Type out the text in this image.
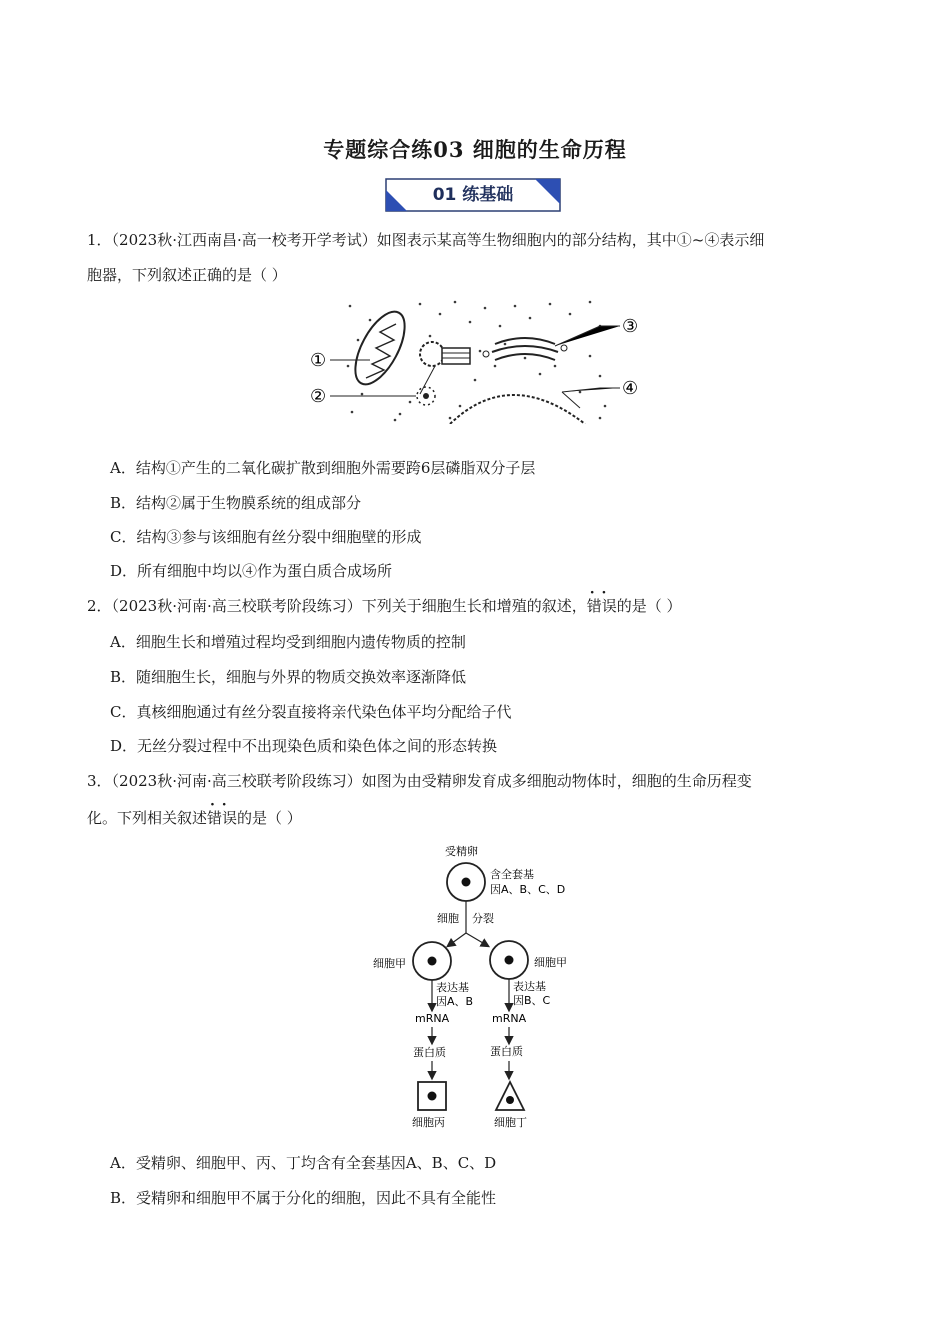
专题综合练03 细胞的生命历程
01 练基础
1．（2023秋·江西南昌·高一校考开学考试）如图表示某高等生物细胞内的部分结构，其中①~④表示细
胞器，下列叙述正确的是（ ）
①
②
③
④
A．结构①产生的二氧化碳扩散到细胞外需要跨6层磷脂双分子层
B．结构②属于生物膜系统的组成部分
C．结构③参与该细胞有丝分裂中细胞壁的形成
D．所有细胞中均以④作为蛋白质合成场所
2．（2023秋·河南·高三校联考阶段练习）下列关于细胞生长和增殖的叙述，· · 错误的是（ ）
A．细胞生长和增殖过程均受到细胞内遗传物质的控制
B．随细胞生长，细胞与外界的物质交换效率逐渐降低
C．真核细胞通过有丝分裂直接将亲代染色体平均分配给子代
D．无丝分裂过程中不出现染色质和染色体之间的形态转换
3．（2023秋·河南·高三校联考阶段练习）如图为由受精卵发育成多细胞动物体时，细胞的生命历程变
化。下列相关叙述· · 错误的是（ ）
受精卵
含全套基
因A、B、C、D
细胞 分裂
细胞甲	细胞甲
表达基
因A、B
表达基
因B、C
mRNA	mRNA
蛋白质	蛋白质
细胞丙	细胞丁
A．受精卵、细胞甲、丙、丁均含有全套基因A、B、C、D
B．受精卵和细胞甲不属于分化的细胞，因此不具有全能性
